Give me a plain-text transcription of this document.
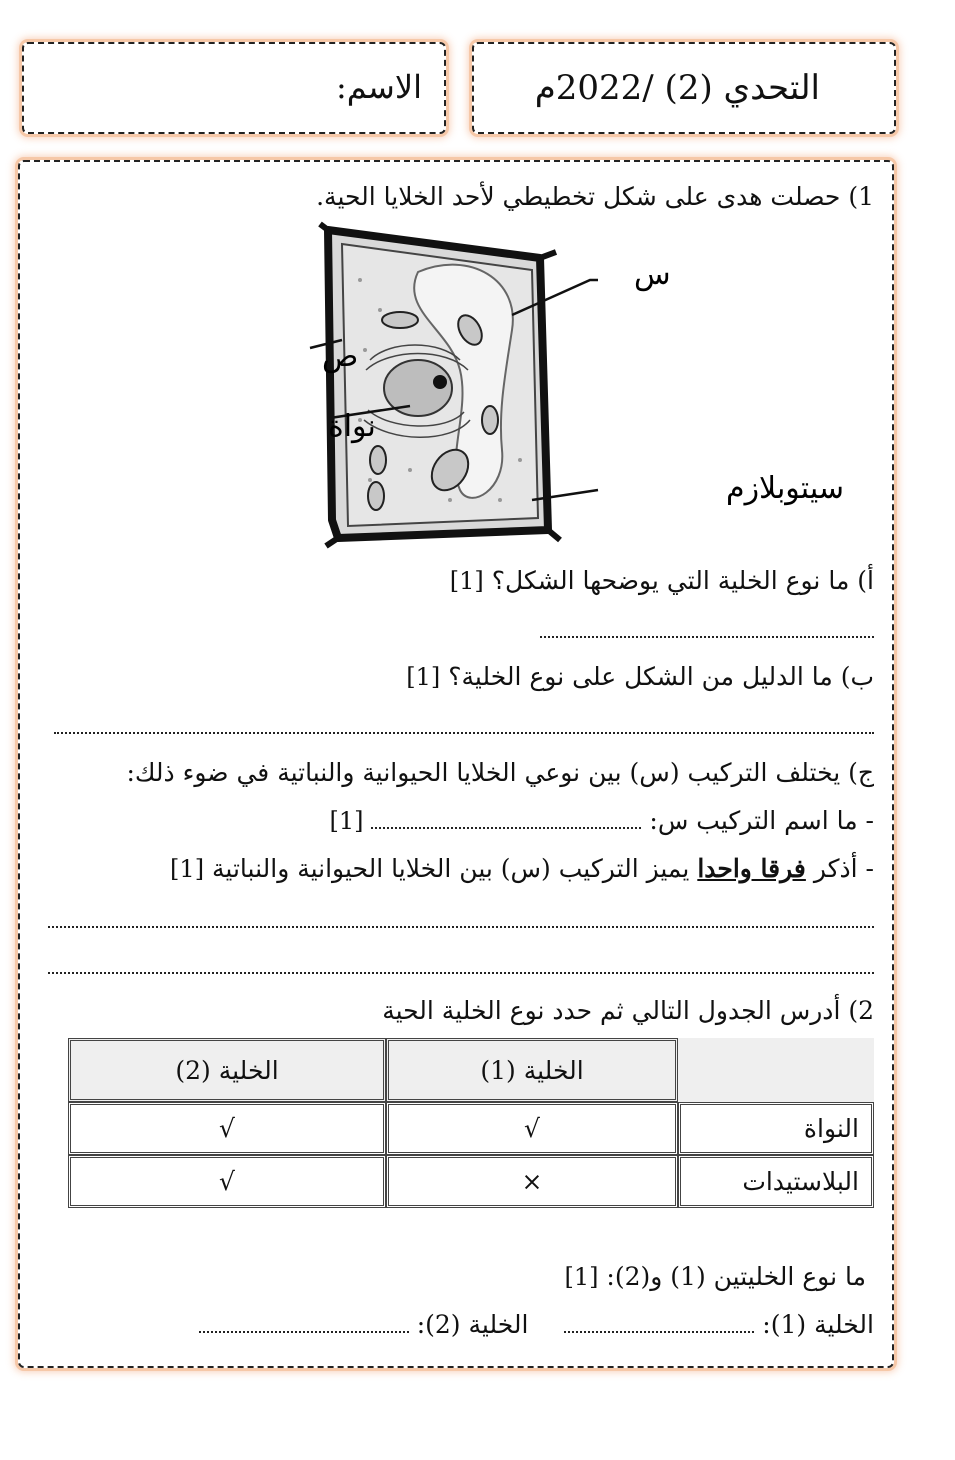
الاسم:	التحدي (2) /2022م
1) حصلت هدى على شكل تخطيطي لأحد الخلايا الحية.
س
ص
نواة
سيتوبلازم
أ) ما نوع الخلية التي يوضحها الشكل؟ [1]
ب) ما الدليل من الشكل على نوع الخلية؟ [1]
ج) يختلف التركيب (س) بين نوعي الخلايا الحيوانية والنباتية في ضوء ذلك:
- ما اسم التركيب س:  [1]
- أذكر فرقا واحدا يميز التركيب (س) بين الخلايا الحيوانية والنباتية [1]
2) أدرس الجدول التالي ثم حدد نوع الخلية الحية
الخلية (1)
الخلية (2)
النواة
√
√
البلاستيدات
×
√
ما نوع الخليتين (1) و(2): [1]
الخلية (1):   الخلية (2):
